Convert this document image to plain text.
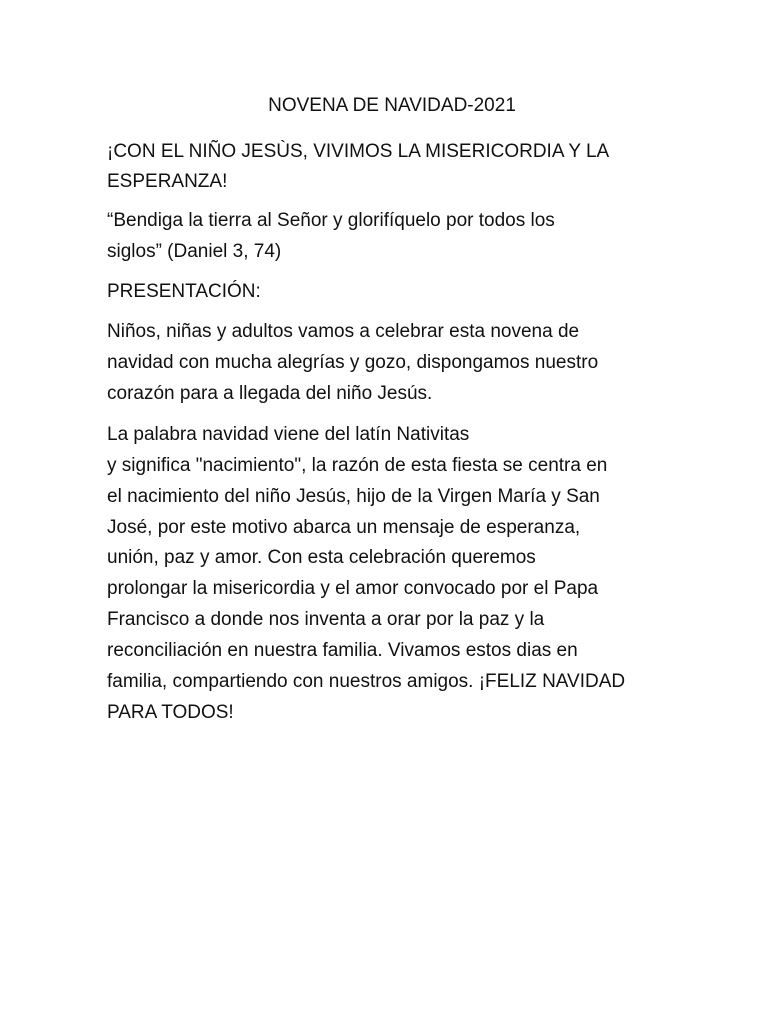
NOVENA DE NAVIDAD-2021
¡CON EL NIÑO JESÙS, VIVIMOS LA MISERICORDIA Y LA
ESPERANZA!
“Bendiga la tierra al Señor y glorifíquelo por todos los
siglos” (Daniel 3, 74)
PRESENTACIÓN:
Niños, niñas y adultos vamos a celebrar esta novena de
navidad con mucha alegrías y gozo, dispongamos nuestro
corazón para a llegada del niño Jesús.
La palabra navidad viene del latín Nativitas
y significa "nacimiento", la razón de esta fiesta se centra en
el nacimiento del niño Jesús, hijo de la Virgen María y San
José, por este motivo abarca un mensaje de esperanza,
unión, paz y amor. Con esta celebración queremos
prolongar la misericordia y el amor convocado por el Papa
Francisco a donde nos inventa a orar por la paz y la
reconciliación en nuestra familia. Vivamos estos dias en
familia, compartiendo con nuestros amigos. ¡FELIZ NAVIDAD
PARA TODOS!
